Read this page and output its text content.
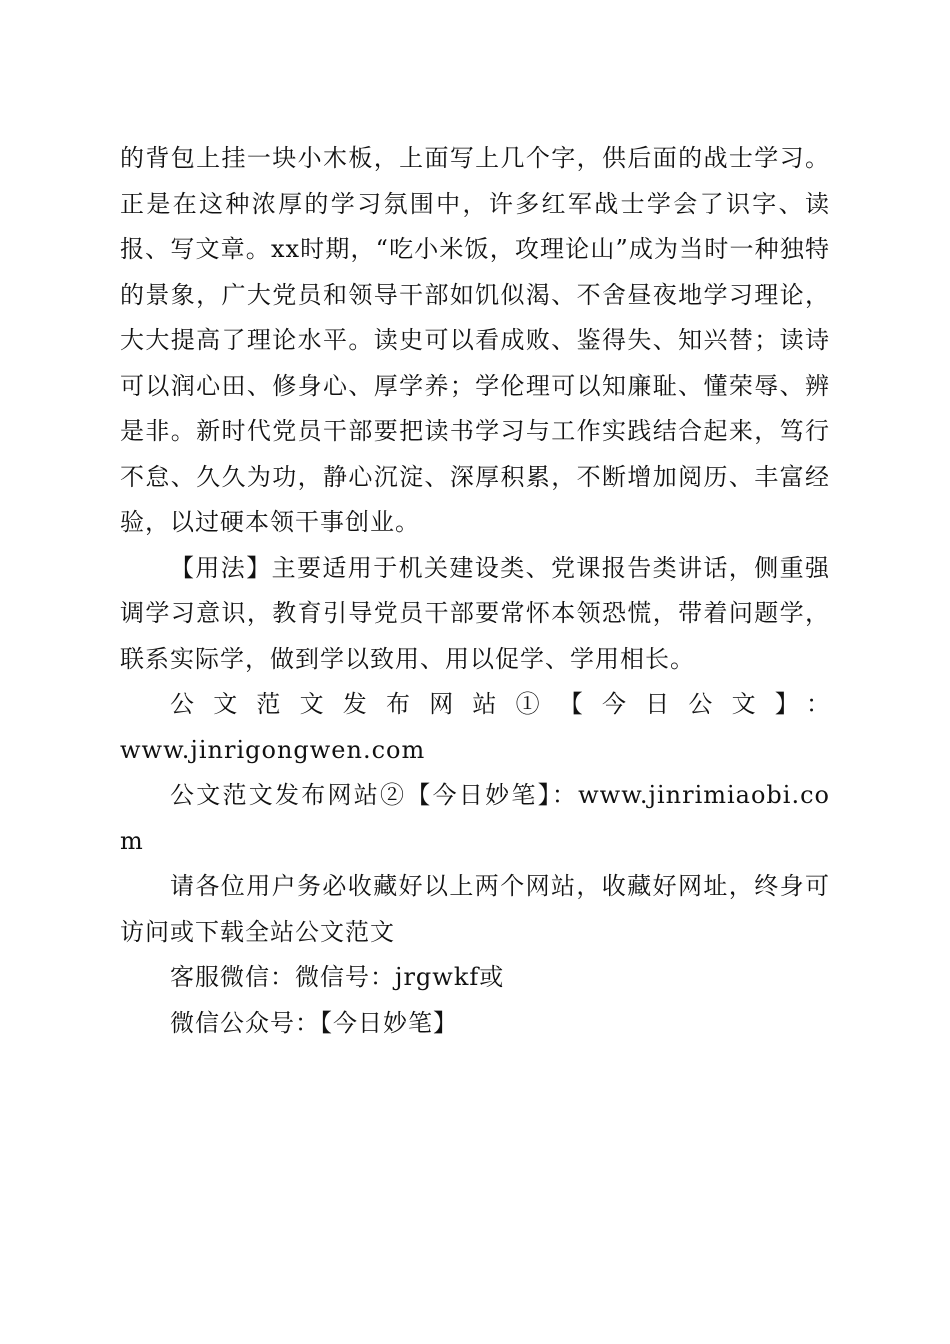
的背包上挂一块小木板，上面写上几个字，供后面的战士学习。正是在这种浓厚的学习氛围中，许多红军战士学会了识字、读报、写文章。xx时期，“吃小米饭，攻理论山”成为当时一种独特的景象，广大党员和领导干部如饥似渴、不舍昼夜地学习理论，大大提高了理论水平。读史可以看成败、鉴得失、知兴替；读诗可以润心田、修身心、厚学养；学伦理可以知廉耻、懂荣辱、辨是非。新时代党员干部要把读书学习与工作实践结合起来，笃行不怠、久久为功，静心沉淀、深厚积累，不断增加阅历、丰富经验，以过硬本领干事创业。

【用法】主要适用于机关建设类、党课报告类讲话，侧重强调学习意识，教育引导党员干部要常怀本领恐慌，带着问题学，联系实际学，做到学以致用、用以促学、学用相长。

公文范文发布网站①【今日公文】：

www.jinrigongwen.com

公文范文发布网站②【今日妙笔】：www.jinrimiaobi.com

请各位用户务必收藏好以上两个网站，收藏好网址，终身可访问或下载全站公文范文

客服微信：微信号：jrgwkf或

微信公众号：【今日妙笔】
